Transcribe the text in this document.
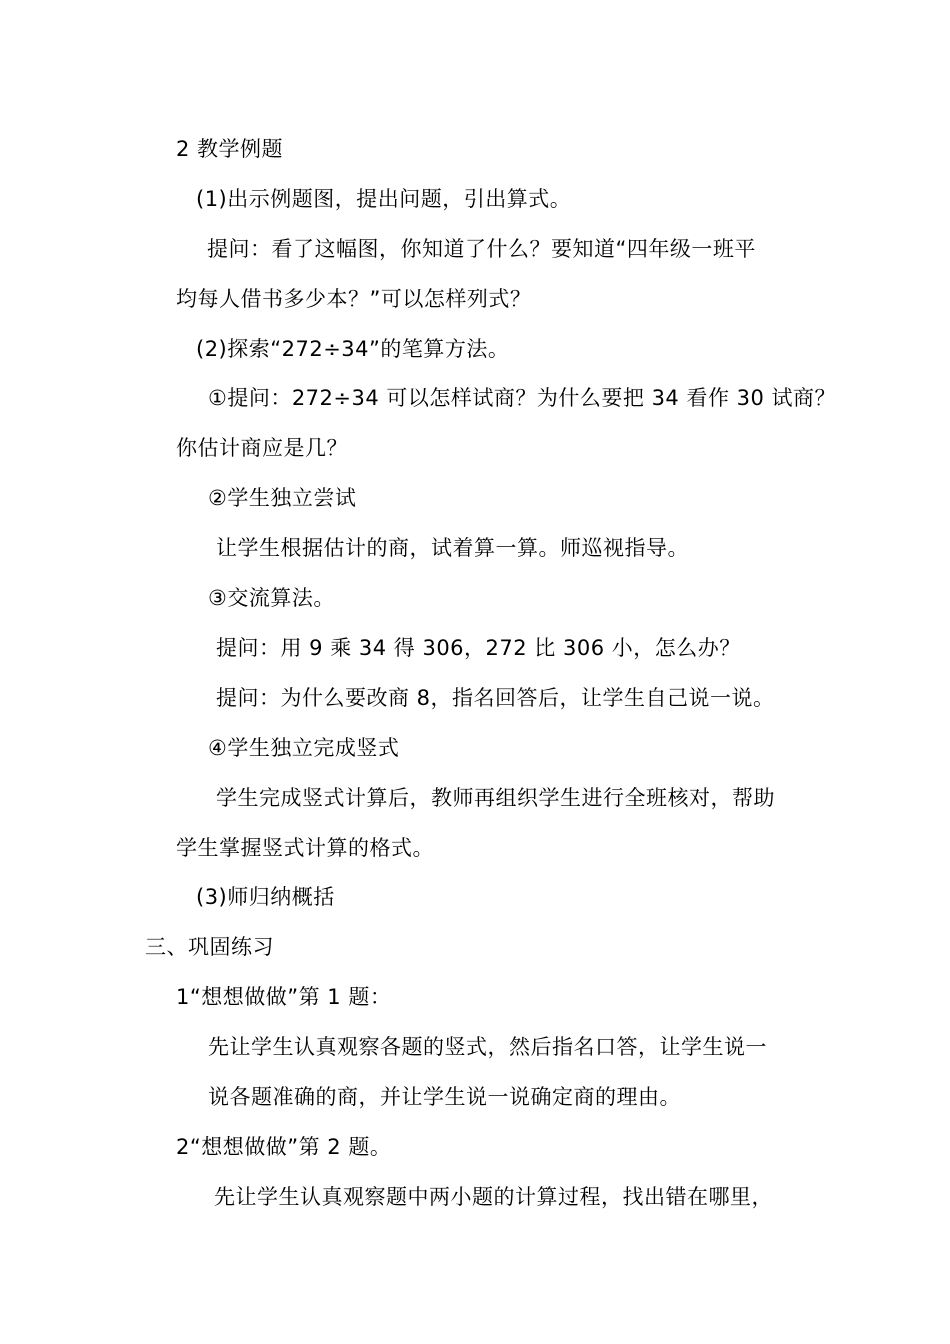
2 教学例题
(1)出示例题图，提出问题，引出算式。
提问：看了这幅图，你知道了什么？要知道“四年级一班平
均每人借书多少本？”可以怎样列式？
(2)探索“272÷34”的笔算方法。
①提问：272÷34 可以怎样试商？为什么要把 34 看作 30 试商？
你估计商应是几？
②学生独立尝试
让学生根据估计的商，试着算一算。师巡视指导。
③交流算法。
提问：用 9 乘 34 得 306，272 比 306 小，怎么办？
提问：为什么要改商 8，指名回答后，让学生自己说一说。
④学生独立完成竖式
学生完成竖式计算后，教师再组织学生进行全班核对，帮助
学生掌握竖式计算的格式。
(3)师归纳概括
三、巩固练习
1“想想做做”第 1 题：
先让学生认真观察各题的竖式，然后指名口答，让学生说一
说各题准确的商，并让学生说一说确定商的理由。
2“想想做做”第 2 题。
先让学生认真观察题中两小题的计算过程，找出错在哪里，
